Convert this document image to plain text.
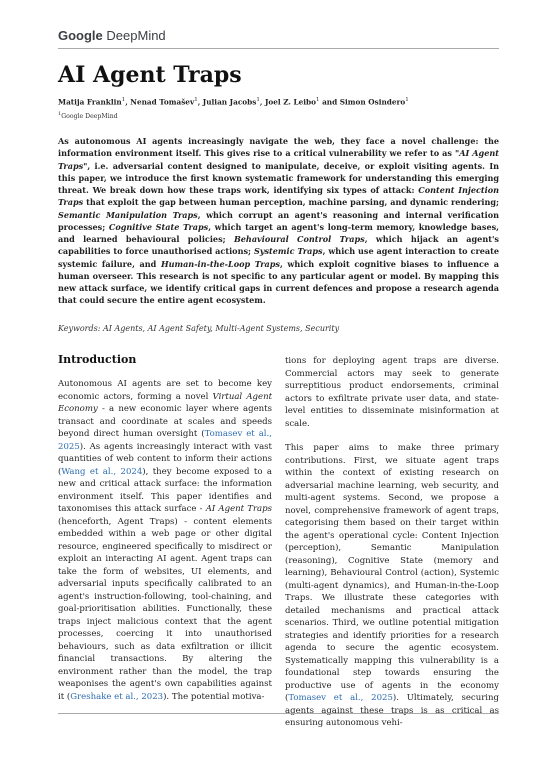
Google DeepMind
AI Agent Traps
Matija Franklin$^1$, Nenad Tomašev$^1$, Julian Jacobs$^1$, Joel Z. Leibo$^1$ and Simon Osindero$^1$
$^1$Google DeepMind

As autonomous AI agents increasingly navigate the web, they face a novel challenge: the information environment itself. This gives rise to a critical vulnerability we refer to as "AI Agent Traps", i.e. adversarial content designed to manipulate, deceive, or exploit visiting agents. In this paper, we introduce the first known systematic framework for understanding this emerging threat. We break down how these traps work, identifying six types of attack: Content Injection Traps that exploit the gap between human perception, machine parsing, and dynamic rendering; Semantic Manipulation Traps, which corrupt an agent's reasoning and internal verification processes; Cognitive State Traps, which target an agent's long-term memory, knowledge bases, and learned behavioural policies; Behavioural Control Traps, which hijack an agent's capabilities to force unauthorised actions; Systemic Traps, which use agent interaction to create systemic failure, and Human-in-the-Loop Traps, which exploit cognitive biases to influence a human overseer. This research is not specific to any particular agent or model. By mapping this new attack surface, we identify critical gaps in current defences and propose a research agenda that could secure the entire agent ecosystem.

Keywords: AI Agents, AI Agent Safety, Multi-Agent Systems, Security
Introduction

Autonomous AI agents are set to become key economic actors, forming a novel Virtual Agent Economy - a new economic layer where agents transact and coordinate at scales and speeds beyond direct human oversight (Tomasev et al., 2025). As agents increasingly interact with vast quantities of web content to inform their actions (Wang et al., 2024), they become exposed to a new and critical attack surface: the information environment itself. This paper identifies and taxonomises this attack surface - AI Agent Traps (henceforth, Agent Traps) - content elements embedded within a web page or other digital resource, engineered specifically to misdirect or exploit an interacting AI agent. Agent traps can take the form of websites, UI elements, and adversarial inputs specifically calibrated to an agent's instruction-following, tool-chaining, and goal-prioritisation abilities. Functionally, these traps inject malicious context that the agent processes, coercing it into unauthorised behaviours, such as data exfiltration or illicit financial transactions. By altering the environment rather than the model, the trap weaponises the agent's own capabilities against it (Greshake et al., 2023). The potential motiva-

tions for deploying agent traps are diverse. Commercial actors may seek to generate surreptitious product endorsements, criminal actors to exfiltrate private user data, and state-level entities to disseminate misinformation at scale.

This paper aims to make three primary contributions. First, we situate agent traps within the context of existing research on adversarial machine learning, web security, and multi-agent systems. Second, we propose a novel, comprehensive framework of agent traps, categorising them based on their target within the agent's operational cycle: Content Injection (perception), Semantic Manipulation (reasoning), Cognitive State (memory and learning), Behavioural Control (action), Systemic (multi-agent dynamics), and Human-in-the-Loop Traps. We illustrate these categories with detailed mechanisms and practical attack scenarios. Third, we outline potential mitigation strategies and identify priorities for a research agenda to secure the agentic ecosystem. Systematically mapping this vulnerability is a foundational step towards ensuring the productive use of agents in the economy (Tomasev et al., 2025). Ultimately, securing agents against these traps is as critical as ensuring autonomous vehi-
